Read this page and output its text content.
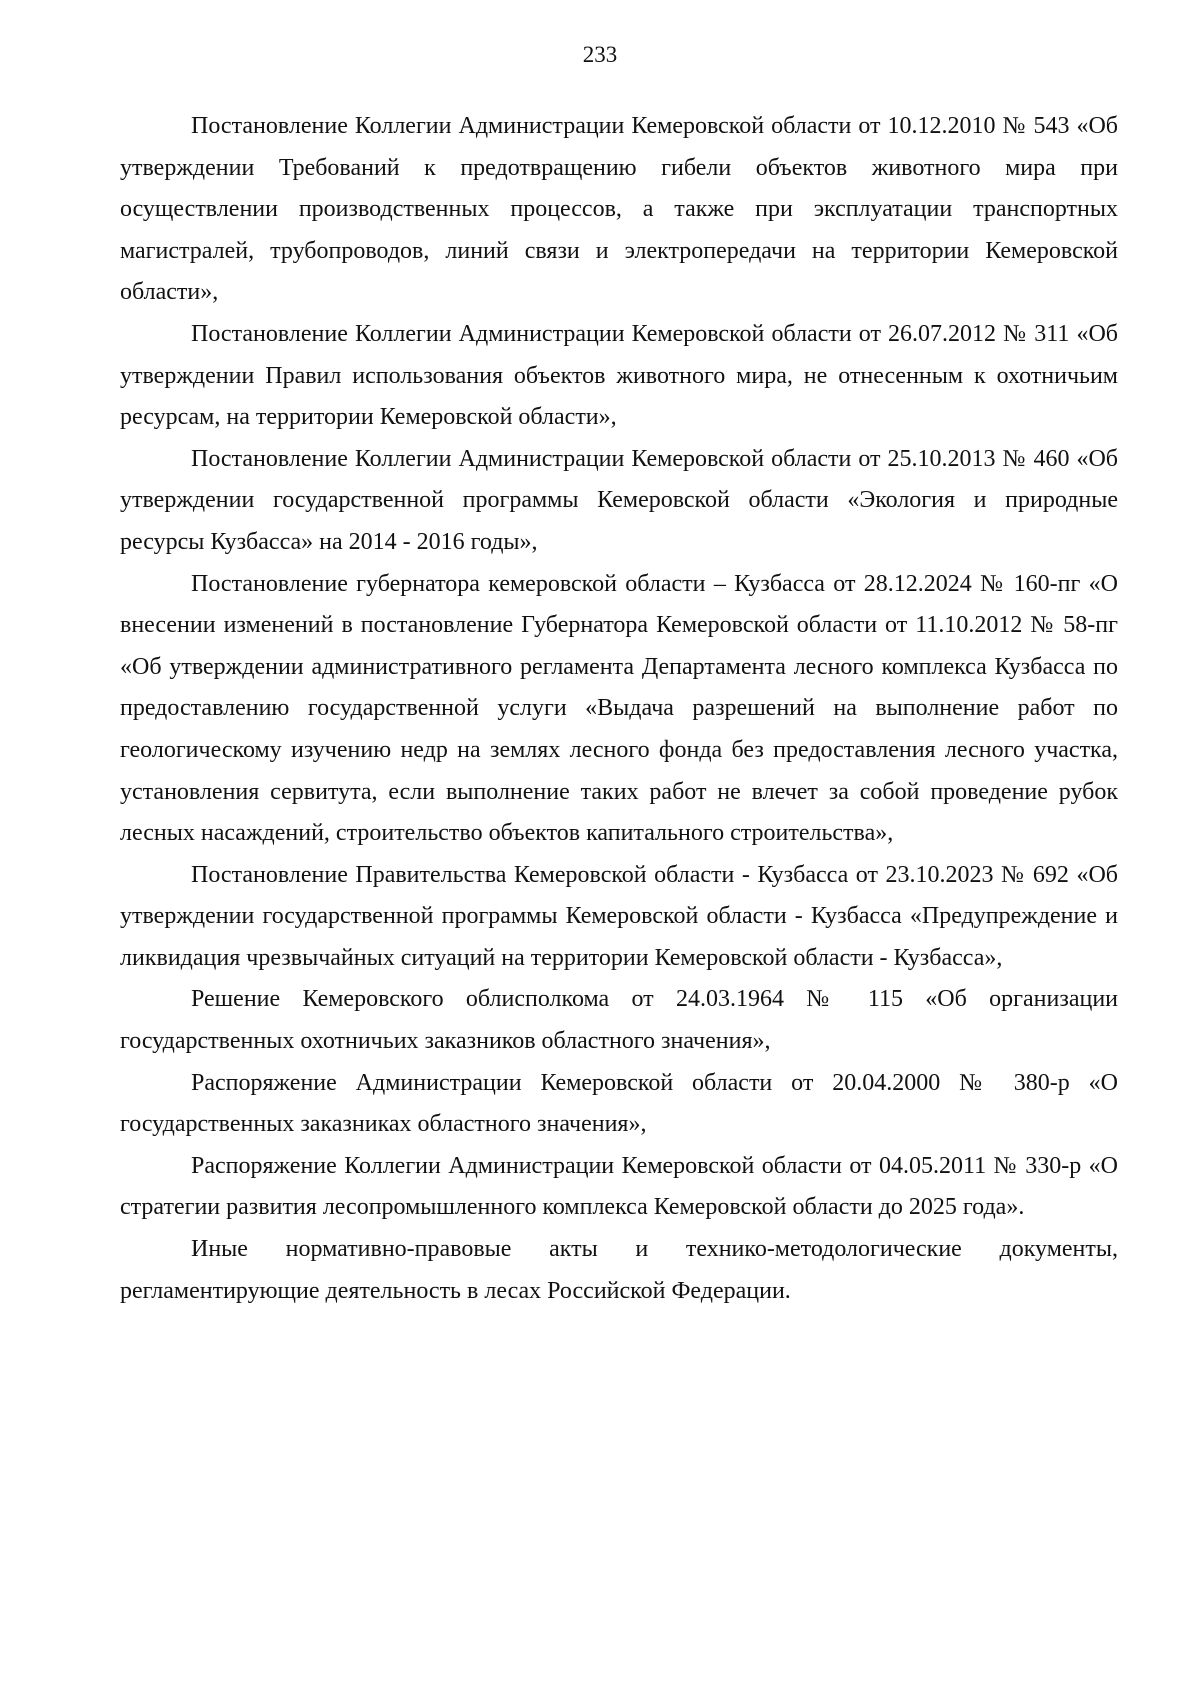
233

Постановление Коллегии Администрации Кемеровской области от 10.12.2010 № 543 «Об утверждении Требований к предотвращению гибели объектов животного мира при осуществлении производственных процессов, а также при эксплуатации транспортных магистралей, трубопроводов, линий связи и электропередачи на территории Кемеровской области»,

Постановление Коллегии Администрации Кемеровской области от 26.07.2012 № 311 «Об утверждении Правил использования объектов животного мира, не отнесенным к охотничьим ресурсам, на территории Кемеровской области»,

Постановление Коллегии Администрации Кемеровской области от 25.10.2013 № 460 «Об утверждении государственной программы Кемеровской области «Экология и природные ресурсы Кузбасса» на 2014 - 2016 годы»,

Постановление губернатора кемеровской области – Кузбасса от 28.12.2024 № 160-пг «О внесении изменений в постановление Губернатора Кемеровской области от 11.10.2012 № 58-пг «Об утверждении административного регламента Департамента лесного комплекса Кузбасса по предоставлению государственной услуги «Выдача разрешений на выполнение работ по геологическому изучению недр на землях лесного фонда без предоставления лесного участка, установления сервитута, если выполнение таких работ не влечет за собой проведение рубок лесных насаждений, строительство объектов капитального строительства»,

Постановление Правительства Кемеровской области - Кузбасса от 23.10.2023 № 692 «Об утверждении государственной программы Кемеровской области - Кузбасса «Предупреждение и ликвидация чрезвычайных ситуаций на территории Кемеровской области - Кузбасса»,

Решение Кемеровского облисполкома от 24.03.1964 № 115 «Об организации государственных охотничьих заказников областного значения»,

Распоряжение Администрации Кемеровской области от 20.04.2000 № 380-р «О государственных заказниках областного значения»,

Распоряжение Коллегии Администрации Кемеровской области от 04.05.2011 № 330-р «О стратегии развития лесопромышленного комплекса Кемеровской области до 2025 года».

Иные нормативно-правовые акты и технико-методологические документы, регламентирующие деятельность в лесах Российской Федерации.
